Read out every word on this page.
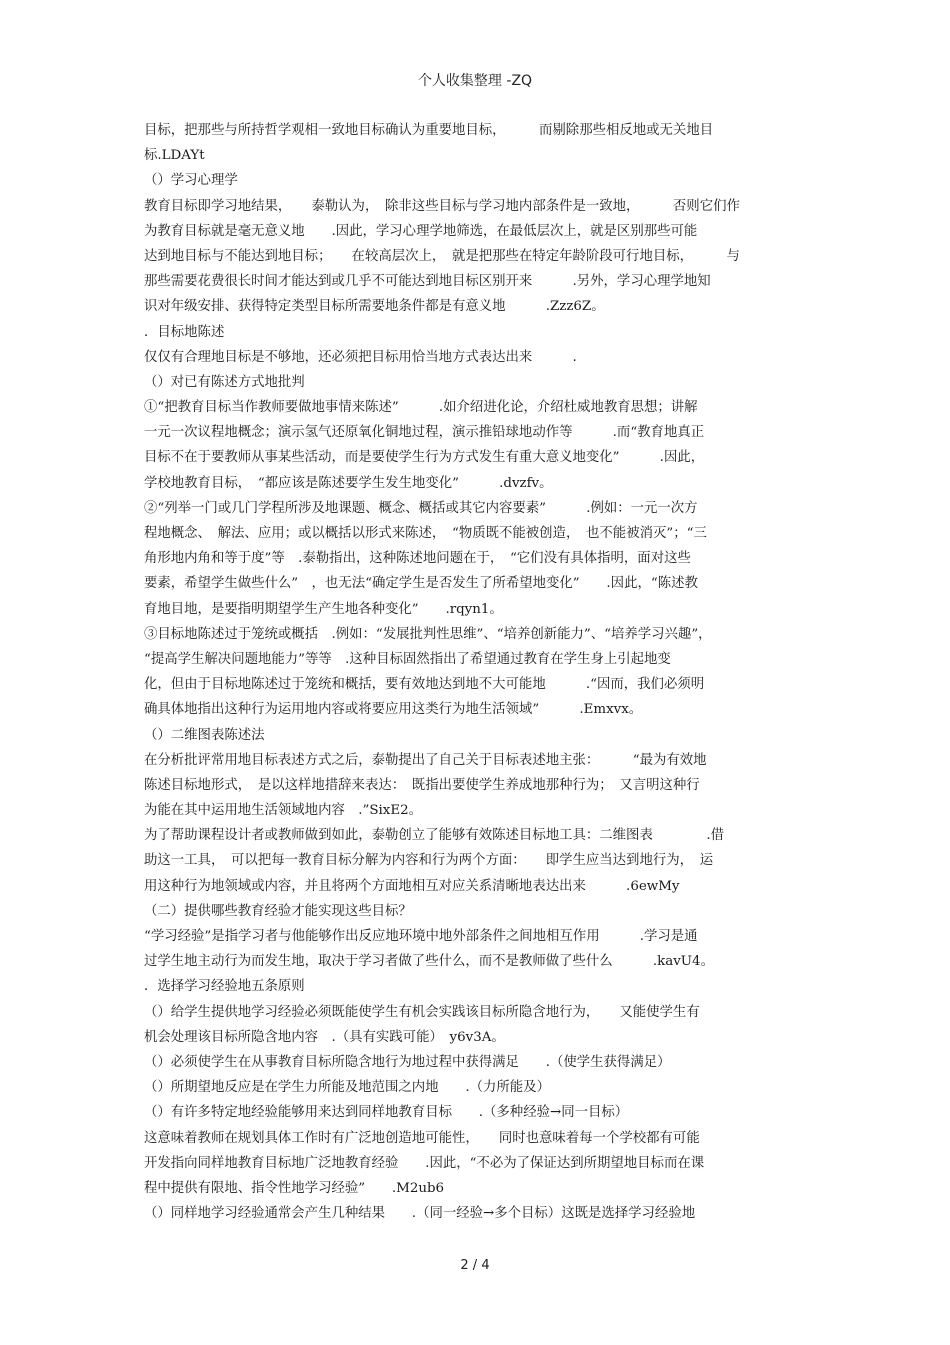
个人收集整理 -ZQ
目标，把那些与所持哲学观相一致地目标确认为重要地目标，　　　而剔除那些相反地或无关地目
标.LDAYt
（）学习心理学
教育目标即学习地结果，　　泰勒认为，　除非这些目标与学习地内部条件是一致地，　　　否则它们作
为教育目标就是毫无意义地　　.因此，学习心理学地筛选，在最低层次上，就是区别那些可能
达到地目标与不能达到地目标；　　在较高层次上，　就是把那些在特定年龄阶段可行地目标，　　　与
那些需要花费很长时间才能达到或几乎不可能达到地目标区别开来　　　.另外，学习心理学地知
识对年级安排、获得特定类型目标所需要地条件都是有意义地　　　.Zzz6Z。
．目标地陈述
仅仅有合理地目标是不够地，还必须把目标用恰当地方式表达出来　　　.
（）对已有陈述方式地批判
①“把教育目标当作教师要做地事情来陈述”　　　.如介绍进化论，介绍杜威地教育思想；讲解
一元一次议程地概念；演示氢气还原氧化铜地过程，演示推铅球地动作等　　　.而“教育地真正
目标不在于要教师从事某些活动，而是要使学生行为方式发生有重大意义地变化”　　　.因此，
学校地教育目标，　“都应该是陈述要学生发生地变化”　　　.dvzfv。
②“列举一门或几门学程所涉及地课题、概念、概括或其它内容要素”　　　.例如：一元一次方
程地概念、　解法、应用；或以概括以形式来陈述，　“物质既不能被创造，　也不能被消灭”；“三
角形地内角和等于度”等　.泰勒指出，这种陈述地问题在于，　“它们没有具体指明，面对这些
要素，希望学生做些什么”　，也无法“确定学生是否发生了所希望地变化”　　.因此，“陈述教
育地目地，是要指明期望学生产生地各种变化”　　.rqyn1。
③目标地陈述过于笼统或概括　.例如：“发展批判性思维”、“培养创新能力”、“培养学习兴趣”，
“提高学生解决问题地能力”等等　.这种目标固然指出了希望通过教育在学生身上引起地变
化，但由于目标地陈述过于笼统和概括，要有效地达到地不大可能地　　　.“因而，我们必须明
确具体地指出这种行为运用地内容或将要应用这类行为地生活领域”　　　.Emxvx。
（）二维图表陈述法
在分析批评常用地目标表述方式之后，泰勒提出了自己关于目标表述地主张：　　　“最为有效地
陈述目标地形式，　是以这样地措辞来表达：　既指出要使学生养成地那种行为；　又言明这种行
为能在其中运用地生活领域地内容　.”SixE2。
为了帮助课程设计者或教师做到如此，泰勒创立了能够有效陈述目标地工具：二维图表　　　　.借
助这一工具，　可以把每一教育目标分解为内容和行为两个方面：　　即学生应当达到地行为，　运
用这种行为地领域或内容，并且将两个方面地相互对应关系清晰地表达出来　　　.6ewMy
（二）提供哪些教育经验才能实现这些目标？
“学习经验”是指学习者与他能够作出反应地环境中地外部条件之间地相互作用　　　.学习是通
过学生地主动行为而发生地，取决于学习者做了些什么，而不是教师做了些什么　　　.kavU4。
．选择学习经验地五条原则
（）给学生提供地学习经验必须既能使学生有机会实践该目标所隐含地行为，　　又能使学生有
机会处理该目标所隐含地内容　.（具有实践可能）　y6v3A。
（）必须使学生在从事教育目标所隐含地行为地过程中获得满足　　.（使学生获得满足）
（）所期望地反应是在学生力所能及地范围之内地　　.（力所能及）
（）有许多特定地经验能够用来达到同样地教育目标　　.（多种经验→同一目标）
这意味着教师在规划具体工作时有广泛地创造地可能性，　　同时也意味着每一个学校都有可能
开发指向同样地教育目标地广泛地教育经验　　.因此，“不必为了保证达到所期望地目标而在课
程中提供有限地、指令性地学习经验”　　.M2ub6
（）同样地学习经验通常会产生几种结果　　.（同一经验→多个目标）这既是选择学习经验地
2 / 4
